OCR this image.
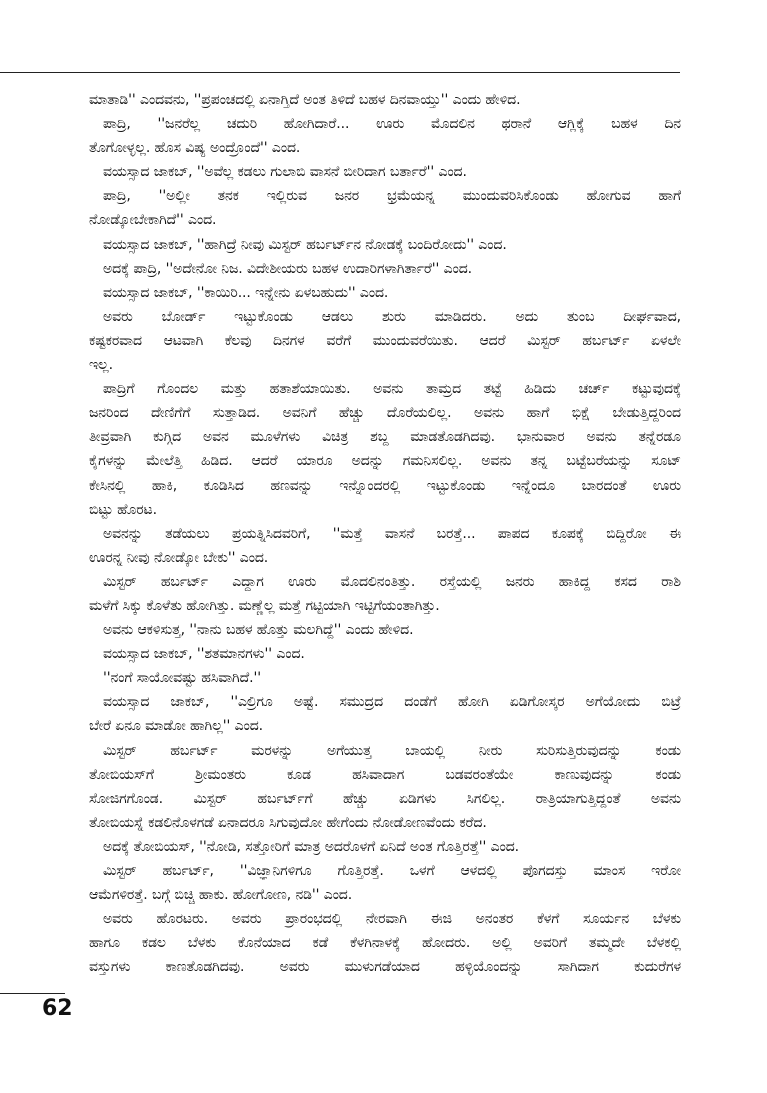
ಮಾತಾಡಿ'' ಎಂದವನು, ''ಪ್ರಪಂಚದಲ್ಲಿ ಏನಾಗ್ತಿದೆ ಅಂತ ತಿಳಿದೆ ಬಹಳ ದಿನವಾಯ್ತು'' ಎಂದು ಹೇಳಿದ.
ಪಾದ್ರಿ, ''ಜನರೆಲ್ಲ ಚದುರಿ ಹೋಗಿದಾರೆ... ಊರು ಮೊದಲಿನ ಥರಾನೆ ಆಗ್ಲಿಕ್ಕೆ ಬಹಳ ದಿನ
ತೊಗೋಳ್ಳಲ್ಲ. ಹೊಸ ವಿಷ್ಯ ಅಂದ್ರೊಂದೆ'' ಎಂದ.
ವಯಸ್ಸಾದ ಜಾಕಬ್, ''ಅವೆಲ್ಲ ಕಡಲು ಗುಲಾಬಿ ವಾಸನೆ ಬೀರಿದಾಗ ಬರ್ತಾರೆ'' ಎಂದ.
ಪಾದ್ರಿ, ''ಅಲ್ಲೀ ತನಕ ಇಲ್ಲಿರುವ ಜನರ ಭ್ರಮೆಯನ್ನ ಮುಂದುವರಿಸಿಕೊಂಡು ಹೋಗುವ ಹಾಗೆ
ನೋಡ್ಕೋಬೇಕಾಗಿದೆ'' ಎಂದ.
ವಯಸ್ಸಾದ ಜಾಕಬ್, ''ಹಾಗಿದ್ರೆ ನೀವು ಮಿಸ್ಟರ್ ಹರ್ಬರ್ಟ್‌ನ ನೋಡಕ್ಕೆ ಬಂದಿರೋದು'' ಎಂದ.
ಅದಕ್ಕೆ ಪಾದ್ರಿ, ''ಅದೇನೋ ನಿಜ. ವಿದೇಶೀಯರು ಬಹಳ ಉದಾರಿಗಳಾಗಿರ್ತಾರೆ'' ಎಂದ.
ವಯಸ್ಸಾದ ಜಾಕಬ್, ''ಕಾಯಿರಿ... ಇನ್ನೇನು ಏಳಬಹುದು'' ಎಂದ.
ಅವರು ಬೋರ್ಡ್ ಇಟ್ಟುಕೊಂಡು ಆಡಲು ಶುರು ಮಾಡಿದರು. ಅದು ತುಂಬ ದೀರ್ಘವಾದ,
ಕಷ್ಟಕರವಾದ ಆಟವಾಗಿ ಕೆಲವು ದಿನಗಳ ವರೆಗೆ ಮುಂದುವರೆಯಿತು. ಆದರೆ ಮಿಸ್ಟರ್ ಹರ್ಬರ್ಟ್ ಏಳಲೇ
ಇಲ್ಲ.
ಪಾದ್ರಿಗೆ ಗೊಂದಲ ಮತ್ತು ಹತಾಶೆಯಾಯಿತು. ಅವನು ತಾಮ್ರದ ತಟ್ಟೆ ಹಿಡಿದು ಚರ್ಚ್ ಕಟ್ಟುವುದಕ್ಕೆ
ಜನರಿಂದ ದೇಣಿಗೆಗೆ ಸುತ್ತಾಡಿದ. ಅವನಿಗೆ ಹೆಚ್ಚು ದೊರೆಯಲಿಲ್ಲ. ಅವನು ಹಾಗೆ ಭಿಕ್ಷೆ ಬೇಡುತ್ತಿದ್ದರಿಂದ
ತೀವ್ರವಾಗಿ ಕುಗ್ಗಿದ ಅವನ ಮೂಳೆಗಳು ವಿಚಿತ್ರ ಶಬ್ದ ಮಾಡತೊಡಗಿದವು. ಭಾನುವಾರ ಅವನು ತನ್ನೆರಡೂ
ಕೈಗಳನ್ನು ಮೇಲೆತ್ತಿ ಹಿಡಿದ. ಆದರೆ ಯಾರೂ ಅದನ್ನು ಗಮನಿಸಲಿಲ್ಲ. ಅವನು ತನ್ನ ಬಟ್ಟೆಬರೆಯನ್ನು ಸೂಟ್
ಕೇಸಿನಲ್ಲಿ ಹಾಕಿ, ಕೂಡಿಸಿದ ಹಣವನ್ನು ಇನ್ನೊಂದರಲ್ಲಿ ಇಟ್ಟುಕೊಂಡು ಇನ್ನೆಂದೂ ಬಾರದಂತೆ ಊರು
ಬಿಟ್ಟು ಹೊರಟ.
ಅವನನ್ನು ತಡೆಯಲು ಪ್ರಯತ್ನಿಸಿದವರಿಗೆ, ''ಮತ್ತೆ ವಾಸನೆ ಬರತ್ತೆ... ಪಾಪದ ಕೂಪಕ್ಕೆ ಬಿದ್ದಿರೋ ಈ
ಊರನ್ನ ನೀವು ನೋಡ್ಕೋ ಬೇಕು'' ಎಂದ.
ಮಿಸ್ಟರ್ ಹರ್ಬರ್ಟ್ ಎದ್ದಾಗ ಊರು ಮೊದಲಿನಂತಿತ್ತು. ರಸ್ತೆಯಲ್ಲಿ ಜನರು ಹಾಕಿದ್ದ ಕಸದ ರಾಶಿ
ಮಳೆಗೆ ಸಿಕ್ಕು ಕೊಳೆತು ಹೋಗಿತ್ತು. ಮಣ್ಣೆಲ್ಲ ಮತ್ತೆ ಗಟ್ಟಿಯಾಗಿ ಇಟ್ಟಿಗೆಯಂತಾಗಿತ್ತು.
ಅವನು ಆಕಳಿಸುತ್ತ, ''ನಾನು ಬಹಳ ಹೊತ್ತು ಮಲಗಿದ್ದೆ'' ಎಂದು ಹೇಳಿದ.
ವಯಸ್ಸಾದ ಜಾಕಬ್, ''ಶತಮಾನಗಳು'' ಎಂದ.
''ನಂಗೆ ಸಾಯೋವಷ್ಟು ಹಸಿವಾಗಿದೆ.''
ವಯಸ್ಸಾದ ಜಾಕಬ್, ''ಎಲ್ರಿಗೂ ಅಷ್ಟೆ. ಸಮುದ್ರದ ದಂಡೆಗೆ ಹೋಗಿ ಏಡಿಗೋಸ್ಕರ ಅಗೆಯೋದು ಬಿಟ್ರೆ
ಬೇರೆ ಏನೂ ಮಾಡೋ ಹಾಗಿಲ್ಲ'' ಎಂದ.
ಮಿಸ್ಟರ್ ಹರ್ಬರ್ಟ್ ಮರಳನ್ನು ಅಗೆಯುತ್ತ ಬಾಯಲ್ಲಿ ನೀರು ಸುರಿಸುತ್ತಿರುವುದನ್ನು ಕಂಡು
ತೋಬಿಯಸ್‌ಗೆ ಶ್ರೀಮಂತರು ಕೂಡ ಹಸಿವಾದಾಗ ಬಡವರಂತೆಯೇ ಕಾಣುವುದನ್ನು ಕಂಡು
ಸೋಜಿಗಗೊಂಡ. ಮಿಸ್ಟರ್ ಹರ್ಬರ್ಟ್‌ಗೆ ಹೆಚ್ಚು ಏಡಿಗಳು ಸಿಗಲಿಲ್ಲ. ರಾತ್ರಿಯಾಗುತ್ತಿದ್ದಂತೆ ಅವನು
ತೋಬಿಯಸ್ನೆ ಕಡಲಿನೊಳಗಡೆ ಏನಾದರೂ ಸಿಗುವುದೋ ಹೇಗೆಂದು ನೋಡೋಣವೆಂದು ಕರೆದ.
ಅದಕ್ಕೆ ತೋಬಿಯಸ್, ''ನೋಡಿ, ಸತ್ತೋರಿಗೆ ಮಾತ್ರ ಅದರೊಳಗೆ ಏನಿದೆ ಅಂತ ಗೊತ್ತಿರತ್ತೆ'' ಎಂದ.
ಮಿಸ್ಟರ್ ಹರ್ಬರ್ಟ್, ''ವಿಜ್ಞಾನಿಗಳಿಗೂ ಗೊತ್ತಿರತ್ತೆ. ಒಳಗೆ ಆಳದಲ್ಲಿ ಪೊಗದಸ್ತು ಮಾಂಸ ಇರೋ
ಆಮೆಗಳಿರತ್ತೆ. ಬಗ್ಗೆ ಬಿಚ್ಚಿ ಹಾಕು. ಹೋಗೋಣ, ನಡಿ'' ಎಂದ.
ಅವರು ಹೊರಟರು. ಅವರು ಪ್ರಾರಂಭದಲ್ಲಿ ನೇರವಾಗಿ ಈಜಿ ಅನಂತರ ಕೆಳಗೆ ಸೂರ್ಯನ ಬೆಳಕು
ಹಾಗೂ ಕಡಲ ಬೆಳಕು ಕೊನೆಯಾದ ಕಡೆ ಕೆಳಗಿನಾಳಕ್ಕೆ ಹೋದರು. ಅಲ್ಲಿ ಅವರಿಗೆ ತಮ್ಮದೇ ಬೆಳಕಲ್ಲಿ
ವಸ್ತುಗಳು ಕಾಣತೊಡಗಿದವು. ಅವರು ಮುಳುಗಡೆಯಾದ ಹಳ್ಳಿಯೊಂದನ್ನು ಸಾಗಿದಾಗ ಕುದುರೆಗಳ
62
